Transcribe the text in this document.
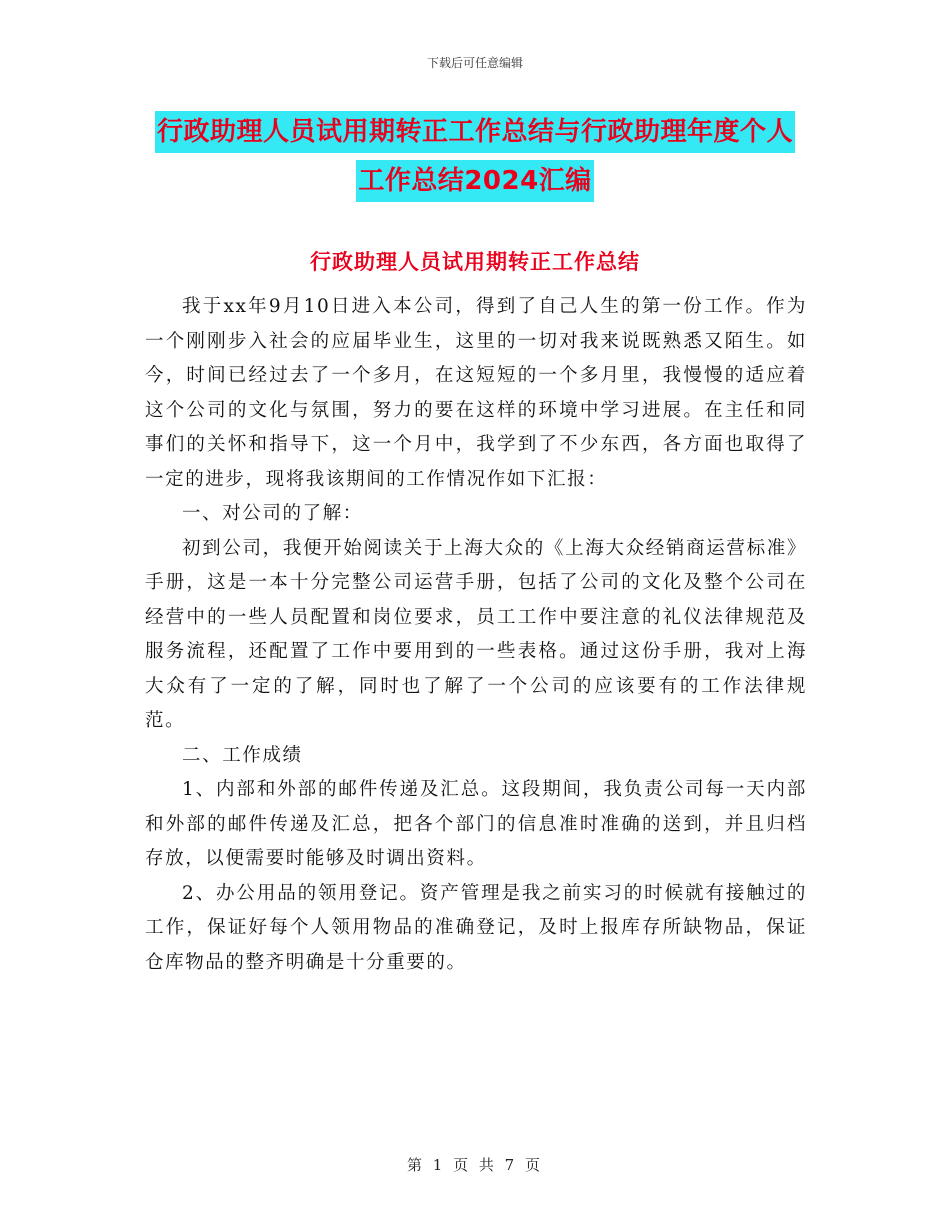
下载后可任意编辑
行政助理人员试用期转正工作总结与行政助理年度个人工作总结2024汇编
行政助理人员试用期转正工作总结

我于xx年9月10日进入本公司，得到了自己人生的第一份工作。作为一个刚刚步入社会的应届毕业生，这里的一切对我来说既熟悉又陌生。如今，时间已经过去了一个多月，在这短短的一个多月里，我慢慢的适应着这个公司的文化与氛围，努力的要在这样的环境中学习进展。在主任和同事们的关怀和指导下，这一个月中，我学到了不少东西，各方面也取得了一定的进步，现将我该期间的工作情况作如下汇报：

一、对公司的了解：

初到公司，我便开始阅读关于上海大众的《上海大众经销商运营标准》手册，这是一本十分完整公司运营手册，包括了公司的文化及整个公司在经营中的一些人员配置和岗位要求，员工工作中要注意的礼仪法律规范及服务流程，还配置了工作中要用到的一些表格。通过这份手册，我对上海大众有了一定的了解，同时也了解了一个公司的应该要有的工作法律规范。

二、工作成绩

1、内部和外部的邮件传递及汇总。这段期间，我负责公司每一天内部和外部的邮件传递及汇总，把各个部门的信息准时准确的送到，并且归档存放，以便需要时能够及时调出资料。

2、办公用品的领用登记。资产管理是我之前实习的时候就有接触过的工作，保证好每个人领用物品的准确登记，及时上报库存所缺物品，保证仓库物品的整齐明确是十分重要的。

第 1 页 共 7 页
